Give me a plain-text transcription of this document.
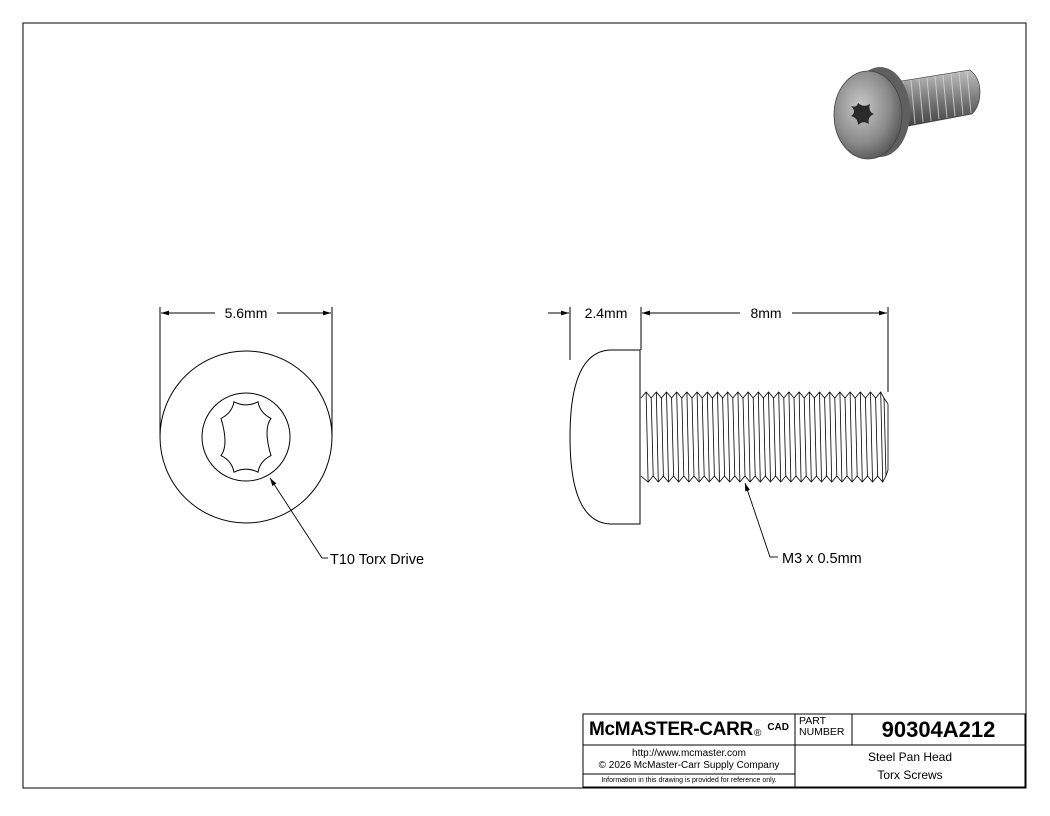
5.6mm
T10 Torx Drive
8mm
2.4mm
M3 x 0.5mm
McMASTER-CARR ®
CAD
PART
NUMBER	90304A212
http://www.mcmaster.com
© 2026 McMaster-Carr Supply Company
Information in this drawing is provided for reference only.
Steel Pan Head
Torx Screws
